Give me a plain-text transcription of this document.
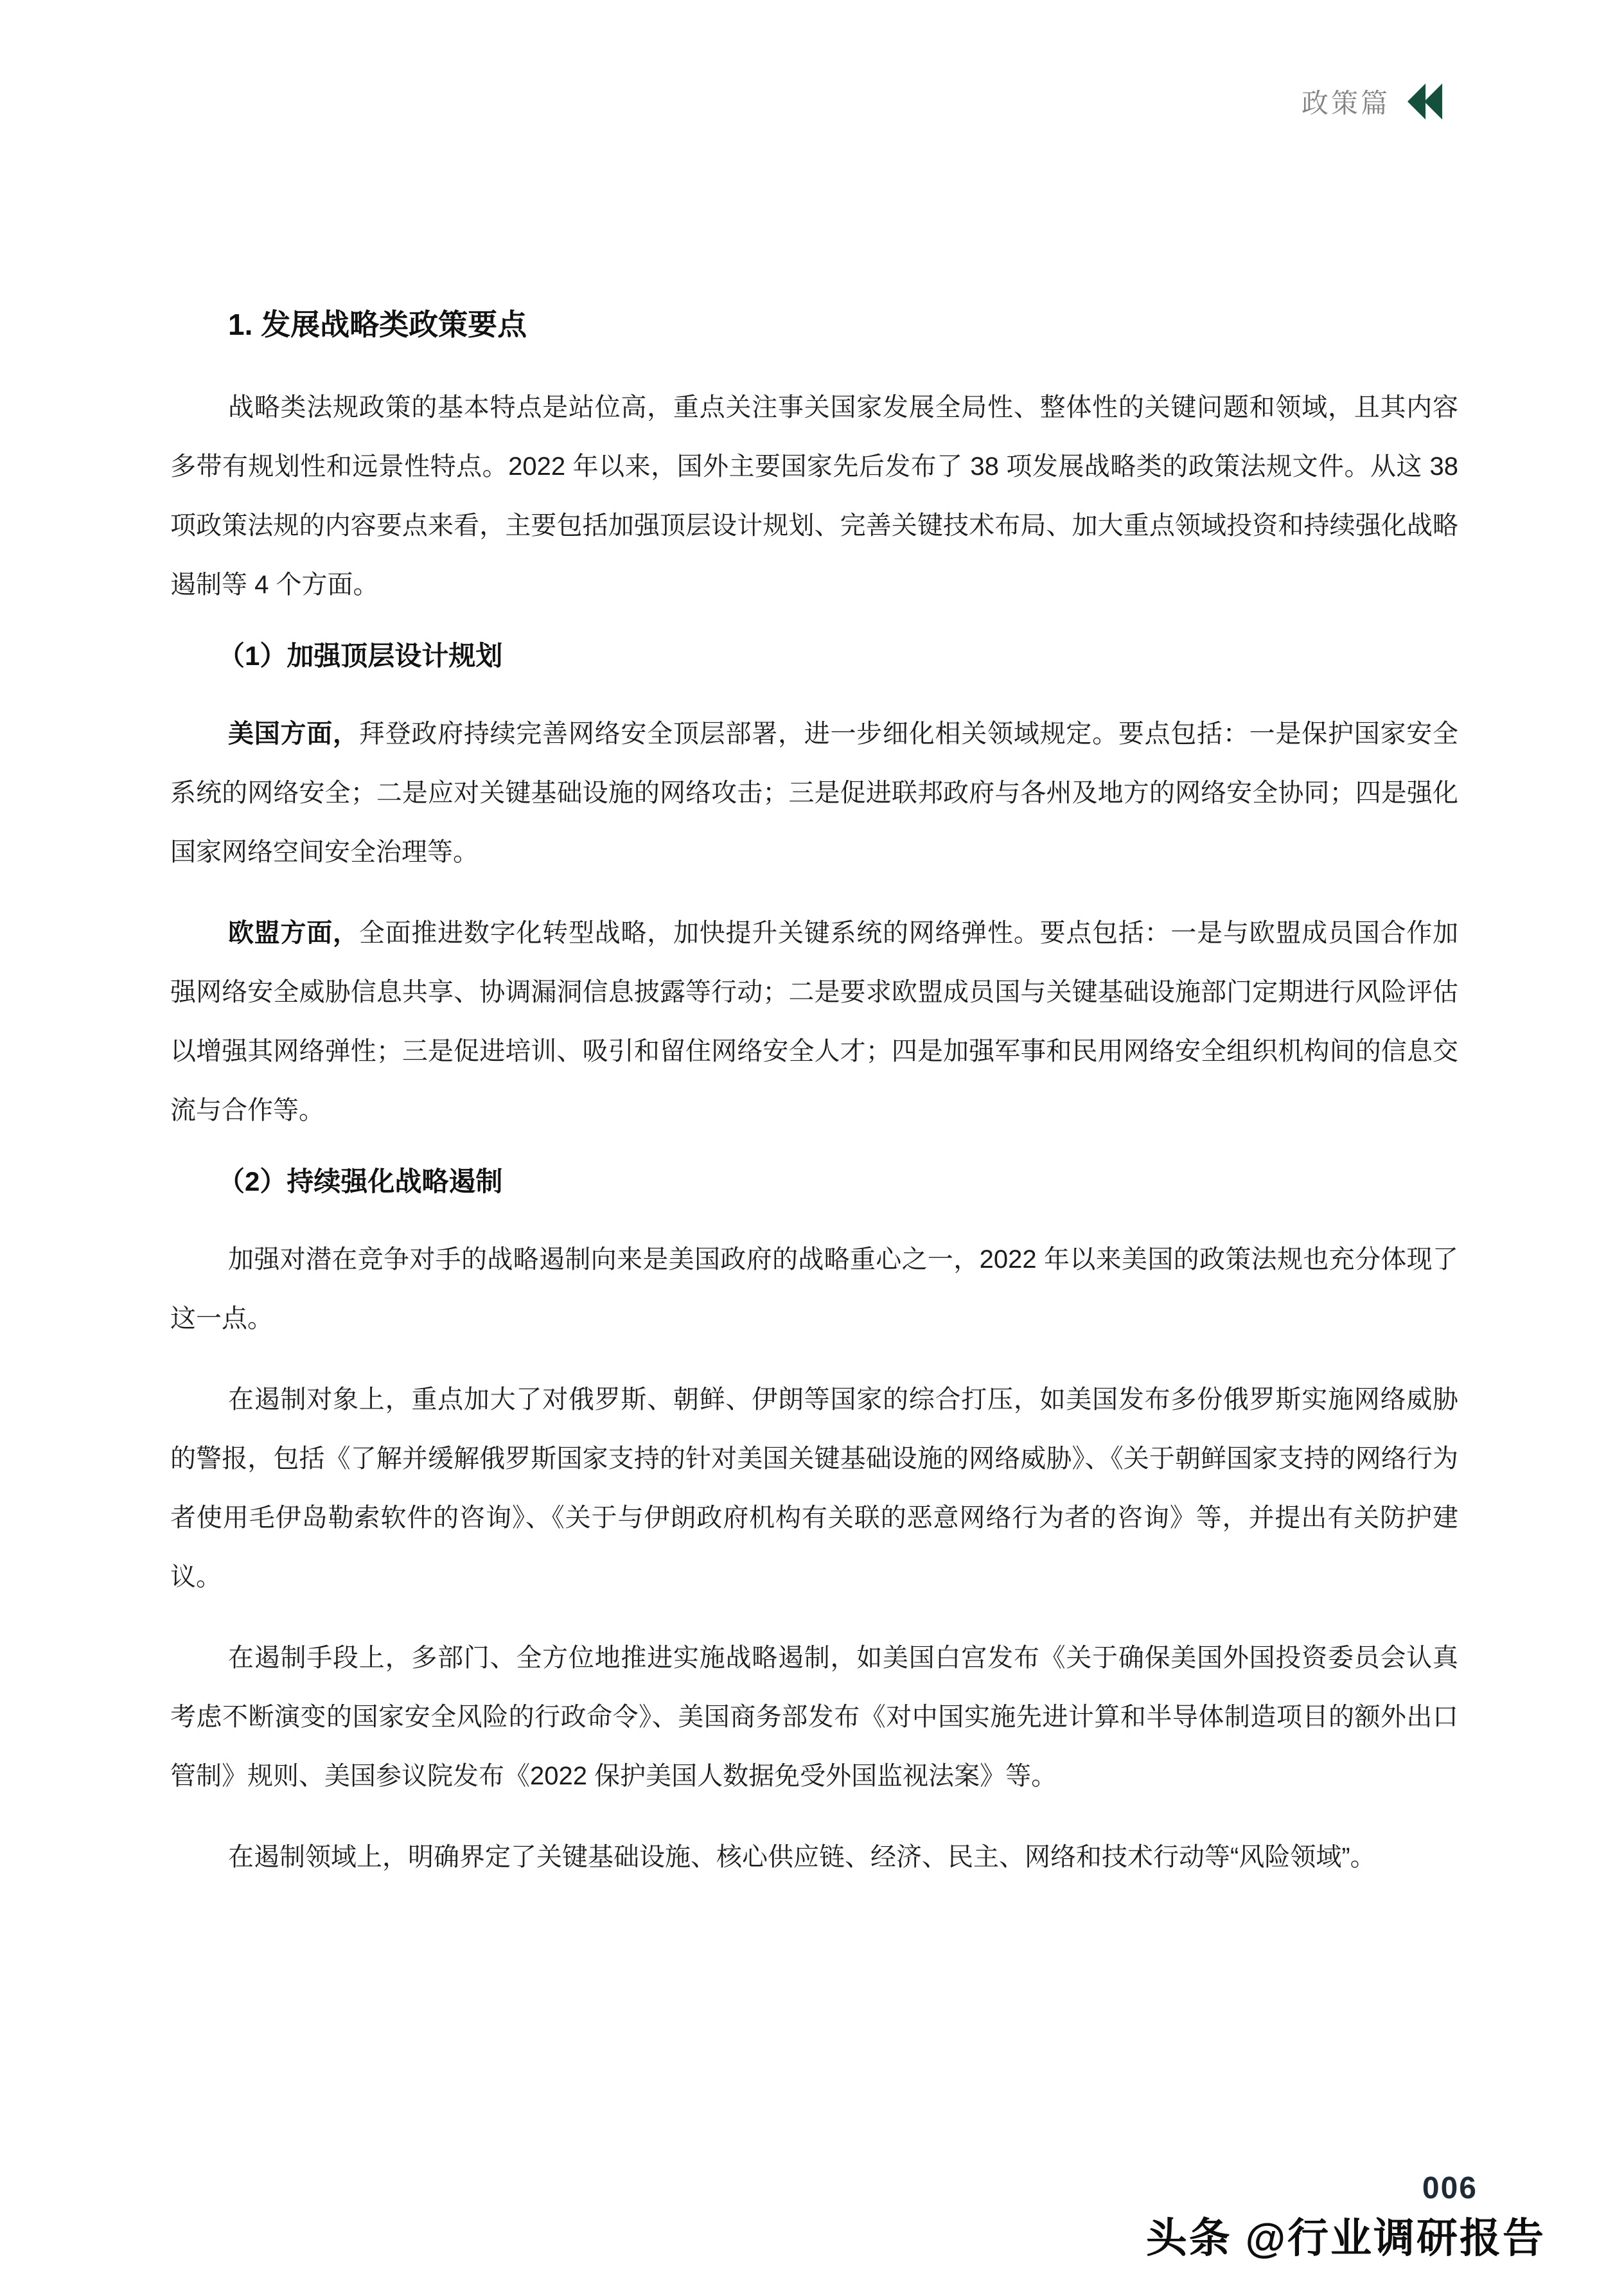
政策篇
1. 发展战略类政策要点

战略类法规政策的基本特点是站位高，重点关注事关国家发展全局性、整体性的关键问题和领域，且其内容多带有规划性和远景性特点。2022 年以来，国外主要国家先后发布了 38 项发展战略类的政策法规文件。从这 38 项政策法规的内容要点来看，主要包括加强顶层设计规划、完善关键技术布局、加大重点领域投资和持续强化战略遏制等 4 个方面。

（1）加强顶层设计规划

美国方面，拜登政府持续完善网络安全顶层部署，进一步细化相关领域规定。要点包括：一是保护国家安全系统的网络安全；二是应对关键基础设施的网络攻击；三是促进联邦政府与各州及地方的网络安全协同；四是强化国家网络空间安全治理等。

欧盟方面，全面推进数字化转型战略，加快提升关键系统的网络弹性。要点包括：一是与欧盟成员国合作加强网络安全威胁信息共享、协调漏洞信息披露等行动；二是要求欧盟成员国与关键基础设施部门定期进行风险评估以增强其网络弹性；三是促进培训、吸引和留住网络安全人才；四是加强军事和民用网络安全组织机构间的信息交流与合作等。

（2）持续强化战略遏制

加强对潜在竞争对手的战略遏制向来是美国政府的战略重心之一，2022 年以来美国的政策法规也充分体现了这一点。

在遏制对象上，重点加大了对俄罗斯、朝鲜、伊朗等国家的综合打压，如美国发布多份俄罗斯实施网络威胁的警报，包括《了解并缓解俄罗斯国家支持的针对美国关键基础设施的网络威胁》、《关于朝鲜国家支持的网络行为者使用毛伊岛勒索软件的咨询》、《关于与伊朗政府机构有关联的恶意网络行为者的咨询》等，并提出有关防护建议。

在遏制手段上，多部门、全方位地推进实施战略遏制，如美国白宫发布《关于确保美国外国投资委员会认真考虑不断演变的国家安全风险的行政命令》、美国商务部发布《对中国实施先进计算和半导体制造项目的额外出口管制》规则、美国参议院发布《2022 保护美国人数据免受外国监视法案》等。

在遏制领域上，明确界定了关键基础设施、核心供应链、经济、民主、网络和技术行动等“风险领域”。

006
头条 @行业调研报告
